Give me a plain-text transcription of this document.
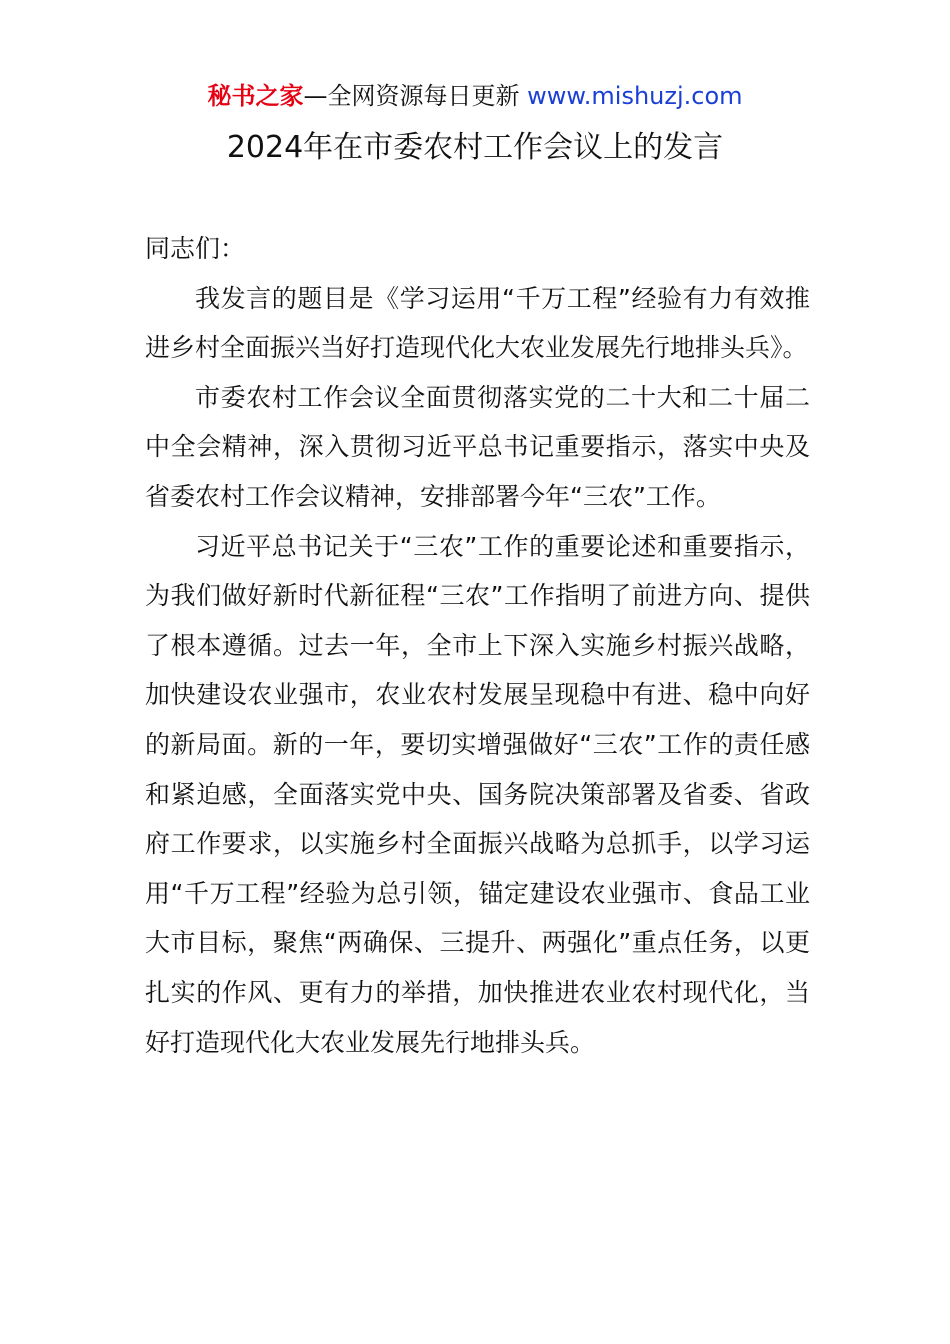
秘书之家—全网资源每日更新 www.mishuzj.com
2024年在市委农村工作会议上的发言

同志们：

我发言的题目是《学习运用“千万工程”经验有力有效推进乡村全面振兴当好打造现代化大农业发展先行地排头兵》。

市委农村工作会议全面贯彻落实党的二十大和二十届二中全会精神，深入贯彻习近平总书记重要指示，落实中央及省委农村工作会议精神，安排部署今年“三农”工作。

习近平总书记关于“三农”工作的重要论述和重要指示，为我们做好新时代新征程“三农”工作指明了前进方向、提供了根本遵循。过去一年，全市上下深入实施乡村振兴战略，加快建设农业强市，农业农村发展呈现稳中有进、稳中向好的新局面。新的一年，要切实增强做好“三农”工作的责任感和紧迫感，全面落实党中央、国务院决策部署及省委、省政府工作要求，以实施乡村全面振兴战略为总抓手，以学习运用“千万工程”经验为总引领，锚定建设农业强市、食品工业大市目标，聚焦“两确保、三提升、两强化”重点任务，以更扎实的作风、更有力的举措，加快推进农业农村现代化，当好打造现代化大农业发展先行地排头兵。
